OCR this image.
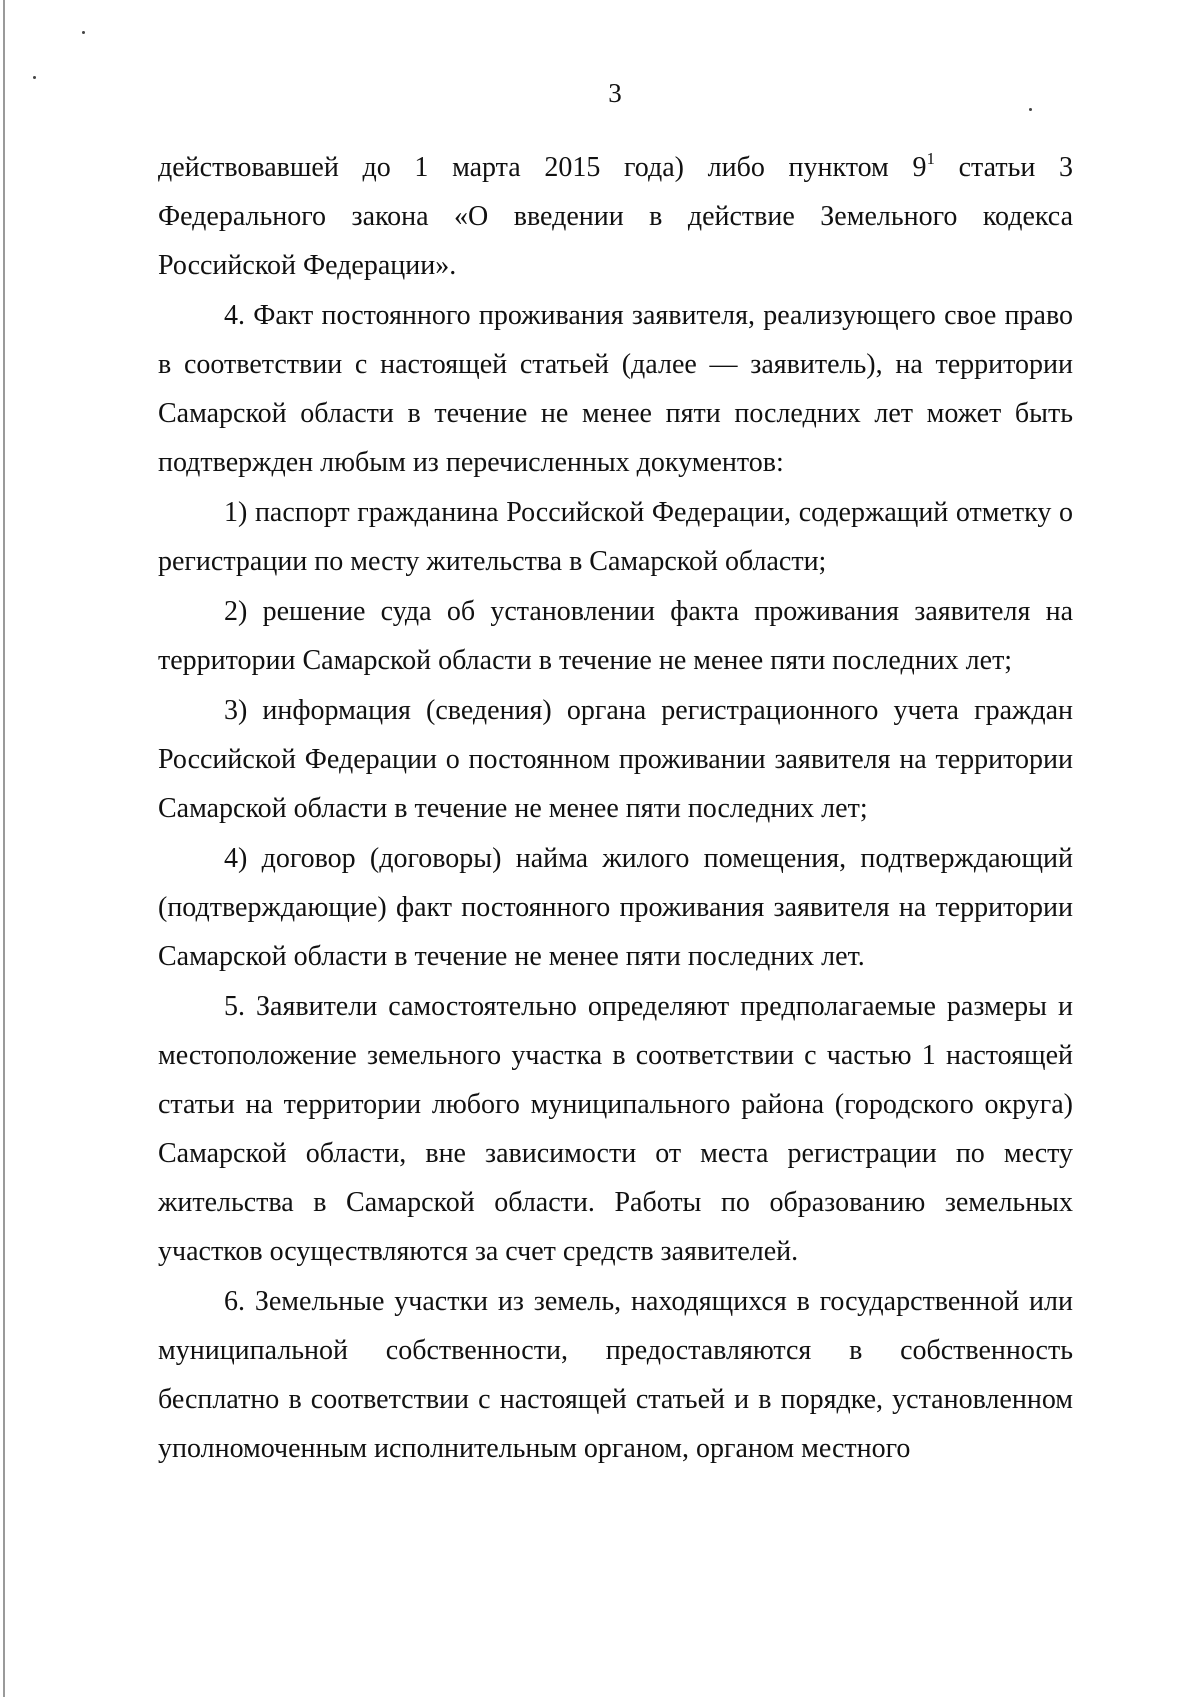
3

действовавшей до 1 марта 2015 года) либо пунктом $9^1$ статьи 3 Федерального закона «О введении в действие Земельного кодекса Российской Федерации».

4. Факт постоянного проживания заявителя, реализующего свое право в соответствии с настоящей статьей (далее — заявитель), на территории Самарской области в течение не менее пяти последних лет может быть подтвержден любым из перечисленных документов:

1) паспорт гражданина Российской Федерации, содержащий отметку о регистрации по месту жительства в Самарской области;

2) решение суда об установлении факта проживания заявителя на территории Самарской области в течение не менее пяти последних лет;

3) информация (сведения) органа регистрационного учета граждан Российской Федерации о постоянном проживании заявителя на территории Самарской области в течение не менее пяти последних лет;

4) договор (договоры) найма жилого помещения, подтверждающий (подтверждающие) факт постоянного проживания заявителя на территории Самарской области в течение не менее пяти последних лет.

5. Заявители самостоятельно определяют предполагаемые размеры и местоположение земельного участка в соответствии с частью 1 настоящей статьи на территории любого муниципального района (городского округа) Самарской области, вне зависимости от места регистрации по месту жительства в Самарской области. Работы по образованию земельных участков осуществляются за счет средств заявителей.

6. Земельные участки из земель, находящихся в государственной или муниципальной собственности, предоставляются в собственность бесплатно в соответствии с настоящей статьей и в порядке, установленном уполномоченным исполнительным органом, органом местного
